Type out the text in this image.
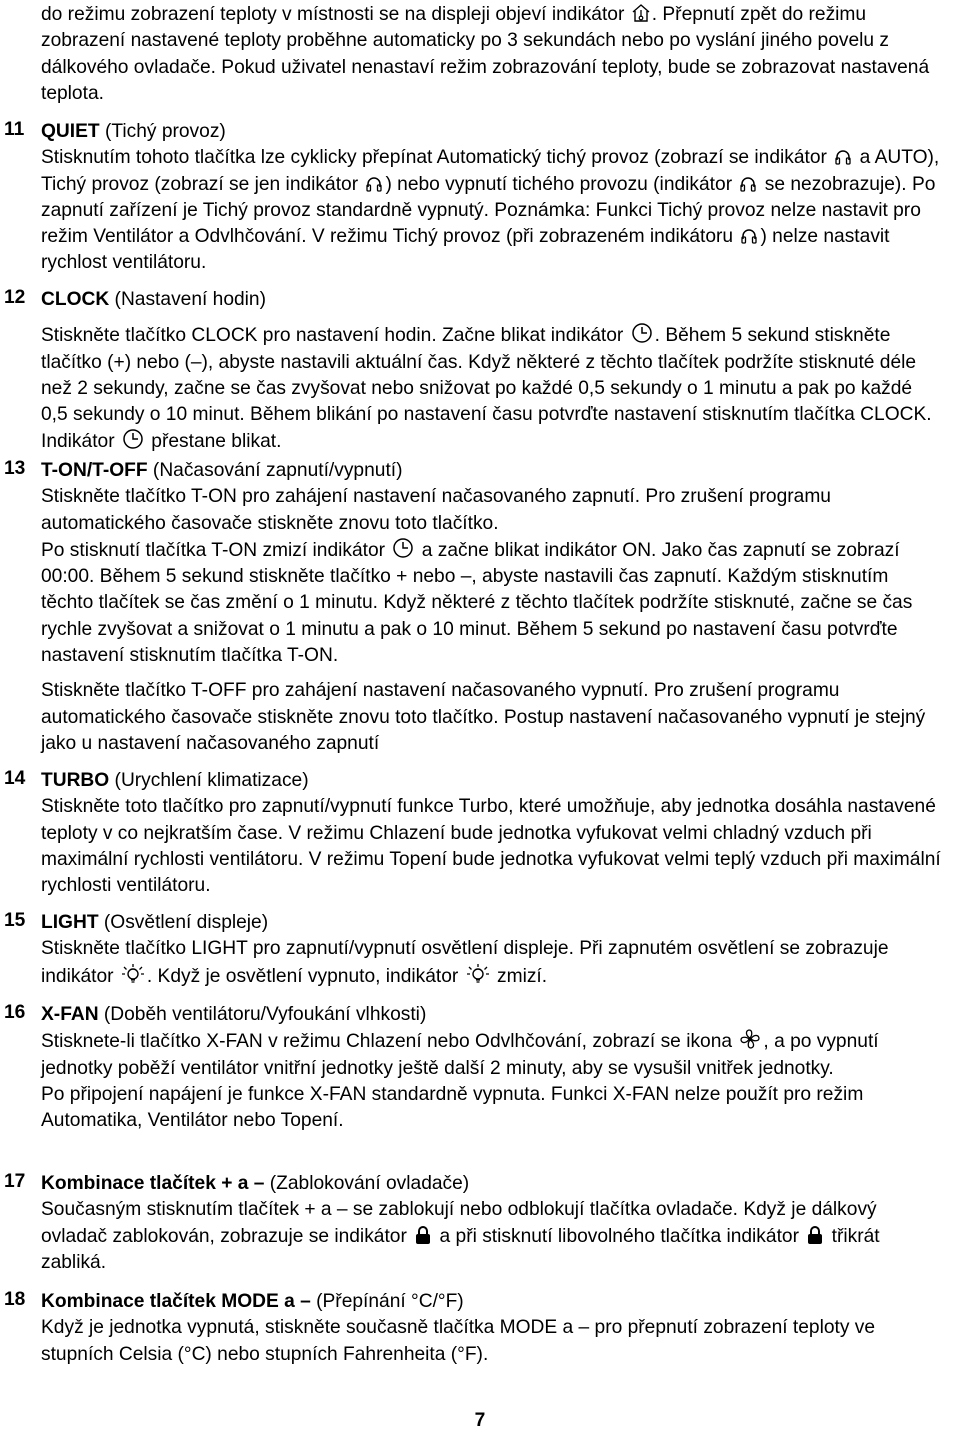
do režimu zobrazení teploty v místnosti se na displeji objeví indikátor . Přepnutí zpět do režimu zobrazení nastavené teploty proběhne automaticky po 3 sekundách nebo po vyslání jiného povelu z dálkového ovladače. Pokud uživatel nenastaví režim zobrazování teploty, bude se zobrazovat nastavená teplota.
11 QUIET (Tichý provoz)

Stisknutím tohoto tlačítka lze cyklicky přepínat Automatický tichý provoz (zobrazí se indikátor a AUTO), Tichý provoz (zobrazí se jen indikátor ) nebo vypnutí tichého provozu (indikátor se nezobrazuje). Po zapnutí zařízení je Tichý provoz standardně vypnutý. Poznámka: Funkci Tichý provoz nelze nastavit pro režim Ventilátor a Odvlhčování. V režimu Tichý provoz (při zobrazeném indikátoru ) nelze nastavit rychlost ventilátoru.

12 CLOCK (Nastavení hodin)

Stiskněte tlačítko CLOCK pro nastavení hodin. Začne blikat indikátor . Během 5 sekund stiskněte tlačítko (+) nebo (–), abyste nastavili aktuální čas. Když některé z těchto tlačítek podržíte stisknuté déle než 2 sekundy, začne se čas zvyšovat nebo snižovat po každé 0,5 sekundy o 1 minutu a pak po každé 0,5 sekundy o 10 minut. Během blikání po nastavení času potvrďte nastavení stisknutím tlačítka CLOCK. Indikátor přestane blikat.

13 T-ON/T-OFF (Načasování zapnutí/vypnutí)

Stiskněte tlačítko T-ON pro zahájení nastavení načasovaného zapnutí. Pro zrušení programu automatického časovače stiskněte znovu toto tlačítko.

Po stisknutí tlačítka T-ON zmizí indikátor a začne blikat indikátor ON. Jako čas zapnutí se zobrazí 00:00. Během 5 sekund stiskněte tlačítko + nebo –, abyste nastavili čas zapnutí. Každým stisknutím těchto tlačítek se čas změní o 1 minutu. Když některé z těchto tlačítek podržíte stisknuté, začne se čas rychle zvyšovat a snižovat o 1 minutu a pak o 10 minut. Během 5 sekund po nastavení času potvrďte nastavení stisknutím tlačítka T-ON.

Stiskněte tlačítko T-OFF pro zahájení nastavení načasovaného vypnutí. Pro zrušení programu automatického časovače stiskněte znovu toto tlačítko. Postup nastavení načasovaného vypnutí je stejný jako u nastavení načasovaného zapnutí

14 TURBO (Urychlení klimatizace)

Stiskněte toto tlačítko pro zapnutí/vypnutí funkce Turbo, které umožňuje, aby jednotka dosáhla nastavené teploty v co nejkratším čase. V režimu Chlazení bude jednotka vyfukovat velmi chladný vzduch při maximální rychlosti ventilátoru. V režimu Topení bude jednotka vyfukovat velmi teplý vzduch při maximální rychlosti ventilátoru.

15 LIGHT (Osvětlení displeje)

Stiskněte tlačítko LIGHT pro zapnutí/vypnutí osvětlení displeje. Při zapnutém osvětlení se zobrazuje indikátor . Když je osvětlení vypnuto, indikátor zmizí.

16 X-FAN (Doběh ventilátoru/Vyfoukání vlhkosti)

Stisknete-li tlačítko X-FAN v režimu Chlazení nebo Odvlhčování, zobrazí se ikona , a po vypnutí jednotky poběží ventilátor vnitřní jednotky ještě další 2 minuty, aby se vysušil vnitřek jednotky.

Po připojení napájení je funkce X-FAN standardně vypnuta. Funkci X-FAN nelze použít pro režim Automatika, Ventilátor nebo Topení.

17 Kombinace tlačítek + a – (Zablokování ovladače)

Současným stisknutím tlačítek + a – se zablokují nebo odblokují tlačítka ovladače. Když je dálkový ovladač zablokován, zobrazuje se indikátor a při stisknutí libovolného tlačítka indikátor třikrát zabliká.

18 Kombinace tlačítek MODE a – (Přepínání °C/°F)

Když je jednotka vypnutá, stiskněte současně tlačítka MODE a – pro přepnutí zobrazení teploty ve stupních Celsia (°C) nebo stupních Fahrenheita (°F).

7
